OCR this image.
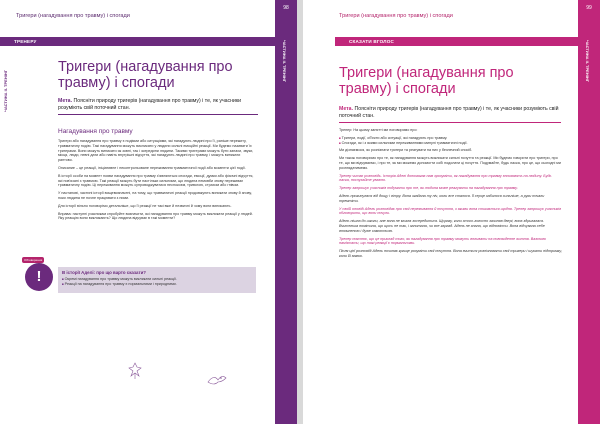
ЧАСТИНА II. ТРЕНІНГ
Тригери (нагадування про травму) і спогади
ТРЕНЕРУ
98
ЧАСТИНА II. ТРЕНІНГ
Тригери (нагадування про травму) і спогади
Мета. Поясніти природу тригерів (нагадування про травму) і те, як учасники розуміють свій поточний стан.
Нагадування про травму

Тригери або нагадування про травму є подіями або ситуаціями, які нагадують людині про її, раніше пережиту, травматичну подію. Такі нагадування можуть викликати у людини сильні емоційні реакції. Ми будемо називати їх тригерами. Вони можуть виникати як зовні, так і зсередини людини. Такими тригерами можуть бути запахи, звуки, місця, люди, певні дати або навіть внутрішні відчуття, які нагадують людині про травму, і можуть виникати раптово.

Описание – це реакції, ініціативне і неконтрольоване переживання травматичної події або моменти цієї події.

В історії особи на момент появи нагадування про травму з'являються спогади, емоції, думки або фізичні відчуття, які пов'язані з травмою. Такі реакції можуть бути настільки сильними, що людина немовби знову переживає травматичну подію. Ці переживання можуть супроводжуватися неспокоєм, тривогою, страхом або гнівом.

У настанові, частині історії вищевизначені, на тому, що травматичні реакції продовжують виникати знову й знову, поки людина не почне працювати з ними.

Для історії вільно поговорімо детальніше, що її реакції не такі вже й незвичні й чому вони виникають.

Вправа: наступні учасникам спробуйте визначити, які нагадування про травму можуть викликати реакції у людей. Яку реакцію вони викликають? Що людина відчуває в такі моменти?

Обговорення
!	В історії Аделі: про що варто сказати?
■ Окремі нагадування про травму можуть викликати сильні реакції.
■ Реакції на нагадування про травму є нормальними і природними.
Тригери (нагадування про травму) і спогади
СКАЗАТИ ВГОЛОС
99
ЧАСТИНА II. ТРЕНІНГ
Тригери (нагадування про травму) і спогади
Мета. Поясніти природу тригерів (нагадування про травму) і те, як учасники розуміють свій поточний стан.

Тренер: На цьому занятті ми поговоримо про:

■ Тригери, події, об'єкти або ситуації, які нагадують про травму.
■ Спогади, як і з якими сильними переживаннями минулі травматичні події.

Ми дізнаємося, як розпізнати тригери та реагувати на них у безпечний спосіб.

Ми також поговоримо про те, як нагадування можуть викликати сильні почуття та реакції. Ми будемо говорити про тригери, про те, що ми відчуваємо, і про те, як ми можемо допомогти собі подолати ці почуття. Подумайте, будь ласка, про це, що сьогодні ми розглядатимемо.

Тренер читає розповідь. Історія Аделі допомагає нам зрозуміти, як нагадування про травму впливають на людину. Будь ласка, послухайте уважно.

Тренер запрошує учасників подумати про те, як людина може реагувати на нагадування про травму.

Адель прокинулася від дощу і вітру. Вона згадала ту ніч, коли все сталося. Її серце забилося сильніше, а руки почали тремтіти.

У своїй оповіді Адель розповідає про свої переживання й почуття, з якими вона стикається щодня. Тренер запрошує учасників обговорити, що вони почули.

Адель пішла до школи, але вона не могла зосередитися. Щоразу, коли хтось голосно зачиняв двері, вона здригалася. Вчителька помітила, що щось не так, і запитала, чи все гаразд. Адель не знала, що відповісти. Вона відчувала себе втомленою і дуже самотньою.

Тренер пояснює, що це приклад того, як нагадування про травму можуть впливати на повсякденне життя. Важливо пам'ятати, що такі реакції є нормальними.

Після цієї розповіді Адель починає краще розуміти свої почуття. Вона вчиться розпізнавати свої тригери і шукати підтримку, коли їй важко.
